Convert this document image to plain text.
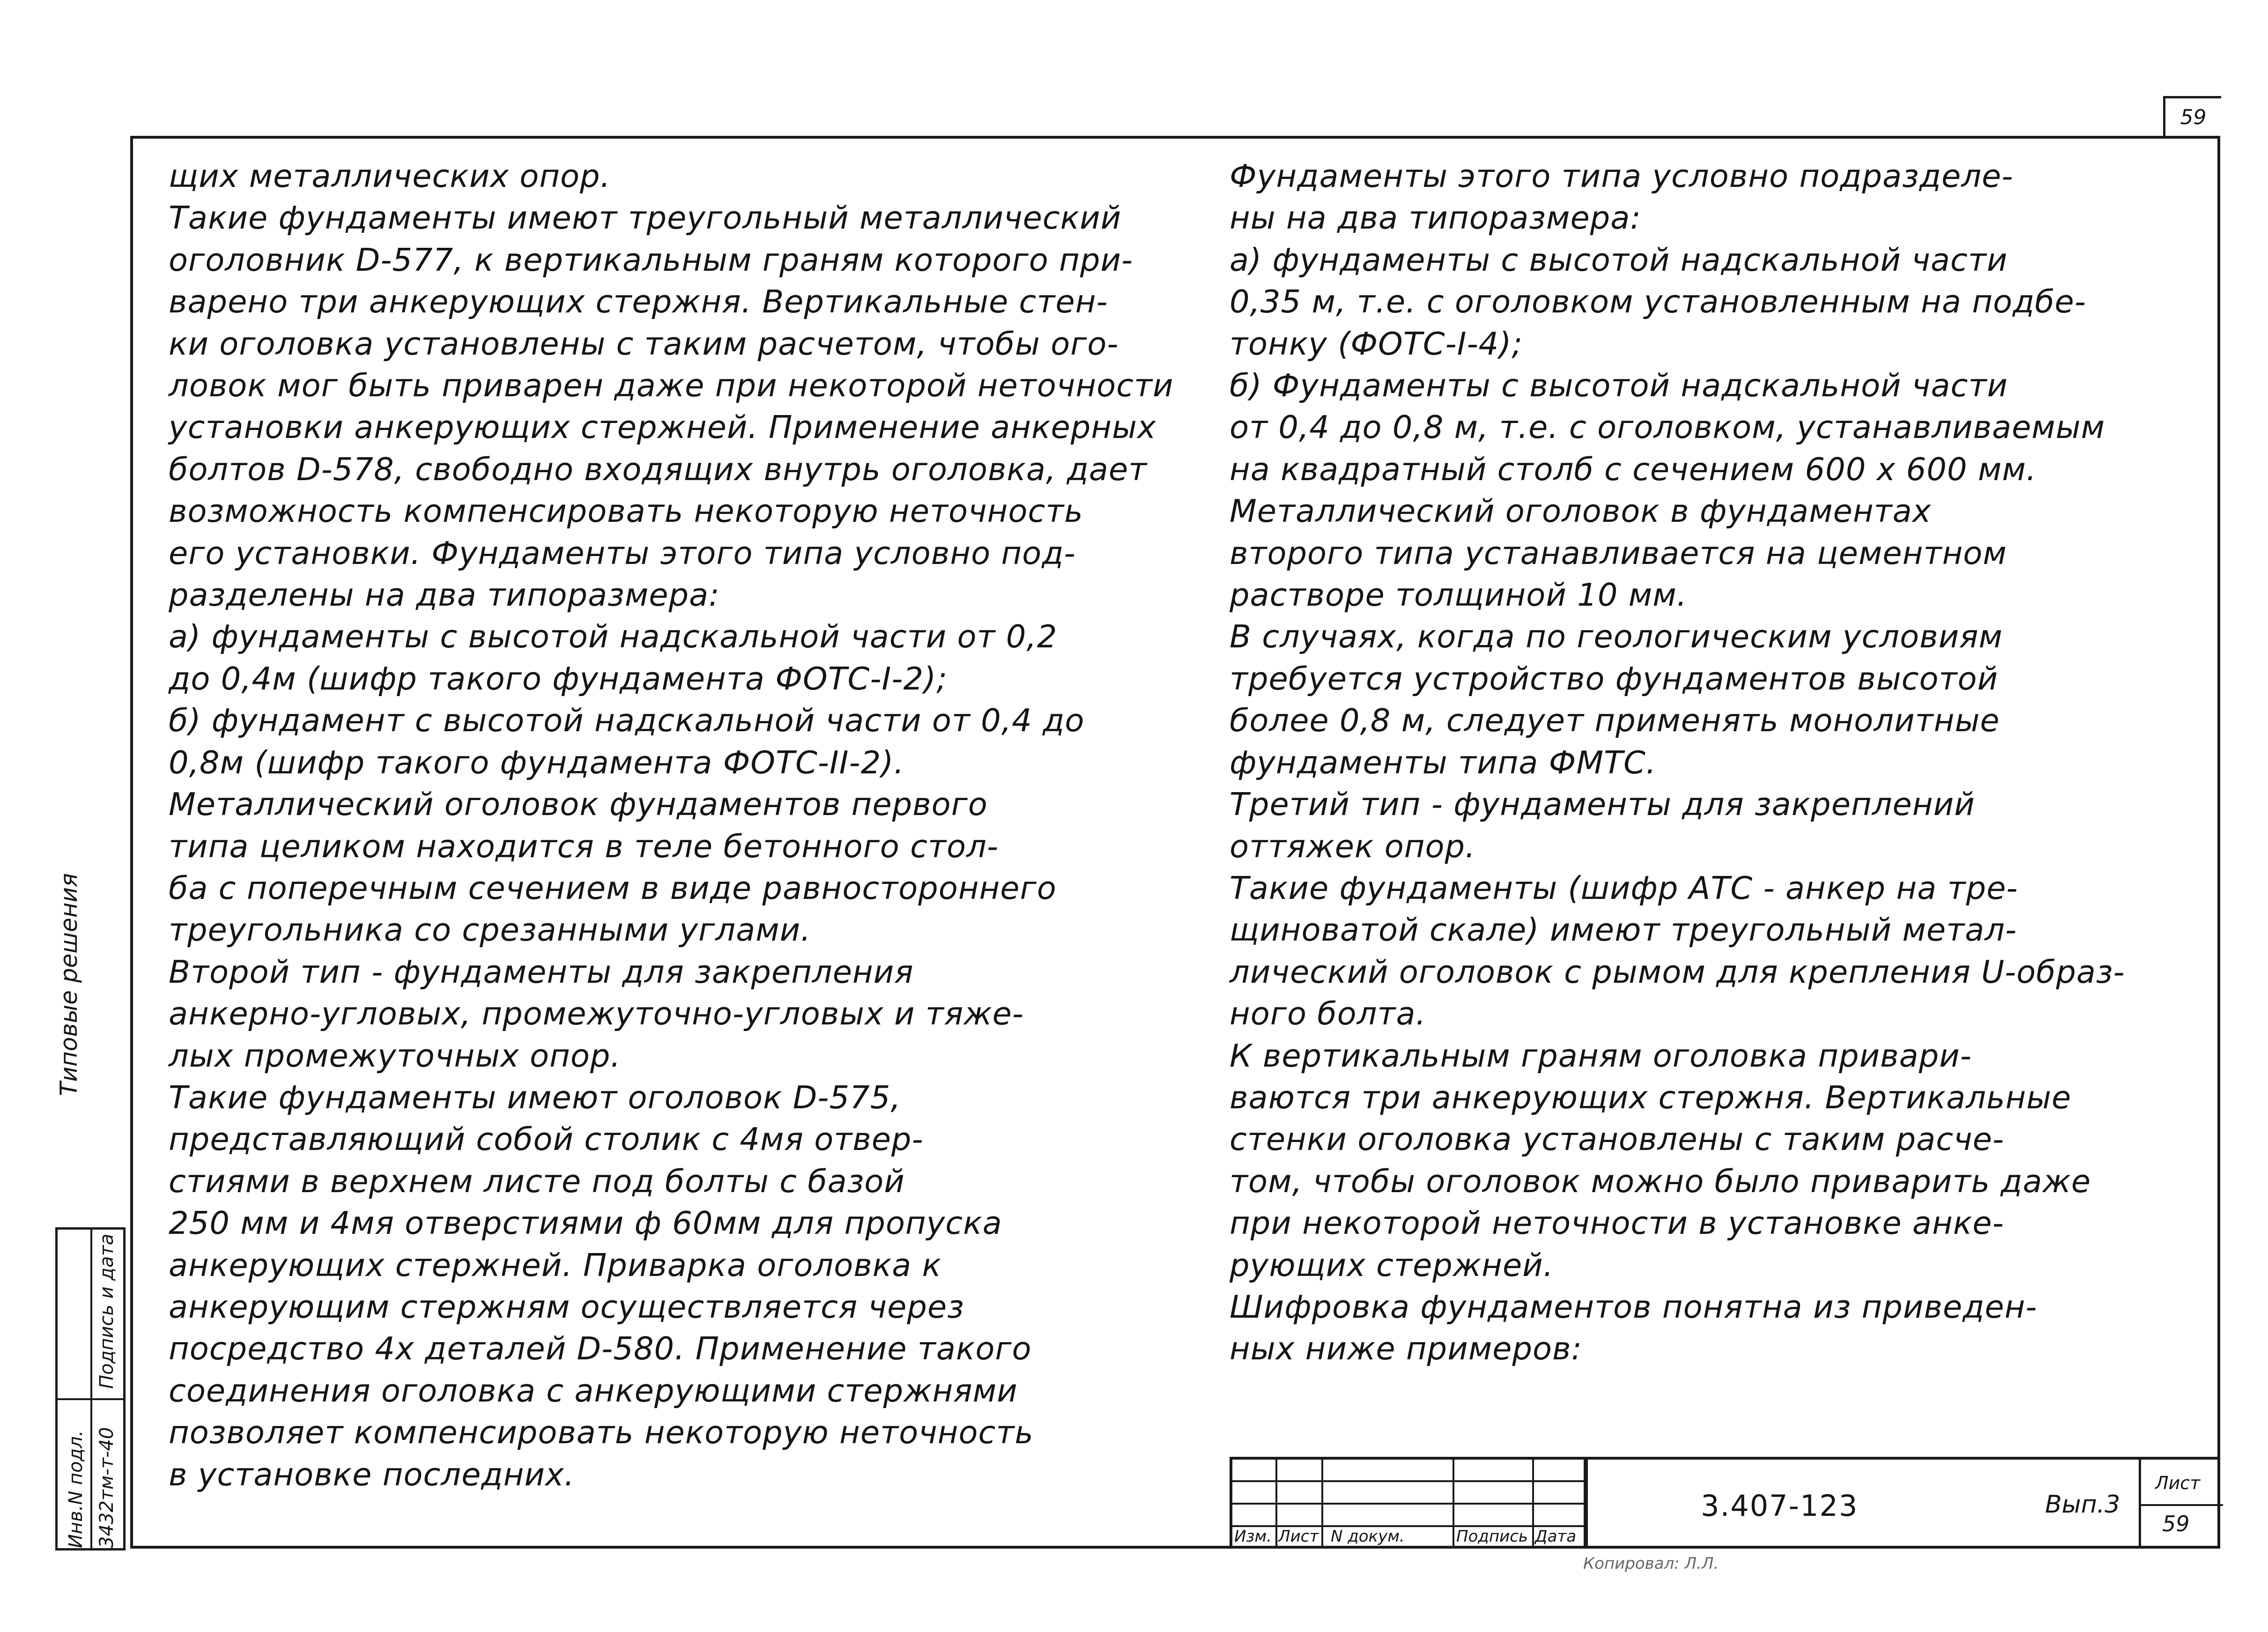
59
щих металлических опор.
Такие фундаменты имеют треугольный металлический
оголовник D-577, к вертикальным граням которого при-
варено три анкерующих стержня. Вертикальные стен-
ки оголовка установлены с таким расчетом, чтобы ого-
ловок мог быть приварен даже при некоторой неточности
установки анкерующих стержней. Применение анкерных
болтов D-578, свободно входящих внутрь оголовка, дает
возможность компенсировать некоторую неточность
его установки. Фундаменты этого типа условно под-
разделены на два типоразмера:
а) фундаменты с высотой надскальной части от 0,2
до 0,4м (шифр такого фундамента ФОТС-I-2);
б) фундамент с высотой надскальной части от 0,4 до
0,8м (шифр такого фундамента ФОТС-II-2).
Металлический оголовок фундаментов первого
типа целиком находится в теле бетонного стол-
ба с поперечным сечением в виде равностороннего
треугольника со срезанными углами.
Второй тип - фундаменты для закрепления
анкерно-угловых, промежуточно-угловых и тяже-
лых промежуточных опор.
Такие фундаменты имеют оголовок D-575,
представляющий собой столик с 4мя отвер-
стиями в верхнем листе под болты с базой
250 мм и 4мя отверстиями ф 60мм для пропуска
анкерующих стержней. Приварка оголовка к
анкерующим стержням осуществляется через
посредство 4х деталей D-580. Применение такого
соединения оголовка с анкерующими стержнями
позволяет компенсировать некоторую неточность
в установке последних.
Фундаменты этого типа условно подразделе-
ны на два типоразмера:
а) фундаменты с высотой надскальной части
0,35 м, т.е. с оголовком установленным на подбе-
тонку (ФОТС-I-4);
б) Фундаменты с высотой надскальной части
от 0,4 до 0,8 м, т.е. с оголовком, устанавливаемым
на квадратный столб с сечением 600 x 600 мм.
Металлический оголовок в фундаментах
второго типа устанавливается на цементном
растворе толщиной 10 мм.
В случаях, когда по геологическим условиям
требуется устройство фундаментов высотой
более 0,8 м, следует применять монолитные
фундаменты типа ФМТС.
Третий тип - фундаменты для закреплений
оттяжек опор.
Такие фундаменты (шифр АТС - анкер на тре-
щиноватой скале) имеют треугольный метал-
лический оголовок с рымом для крепления U-образ-
ного болта.
К вертикальным граням оголовка привари-
ваются три анкерующих стержня. Вертикальные
стенки оголовка установлены с таким расче-
том, чтобы оголовок можно было приварить даже
при некоторой неточности в установке анке-
рующих стержней.
Шифровка фундаментов понятна из приведен-
ных ниже примеров:
Типовые решения
Подпись и дата
Инв.N подл. 3432тм-т-40	Изм. Лист N докум.	Подпись Дата
3.407-123	Вып.3
Лист
59
Копировал: Л.Л.
